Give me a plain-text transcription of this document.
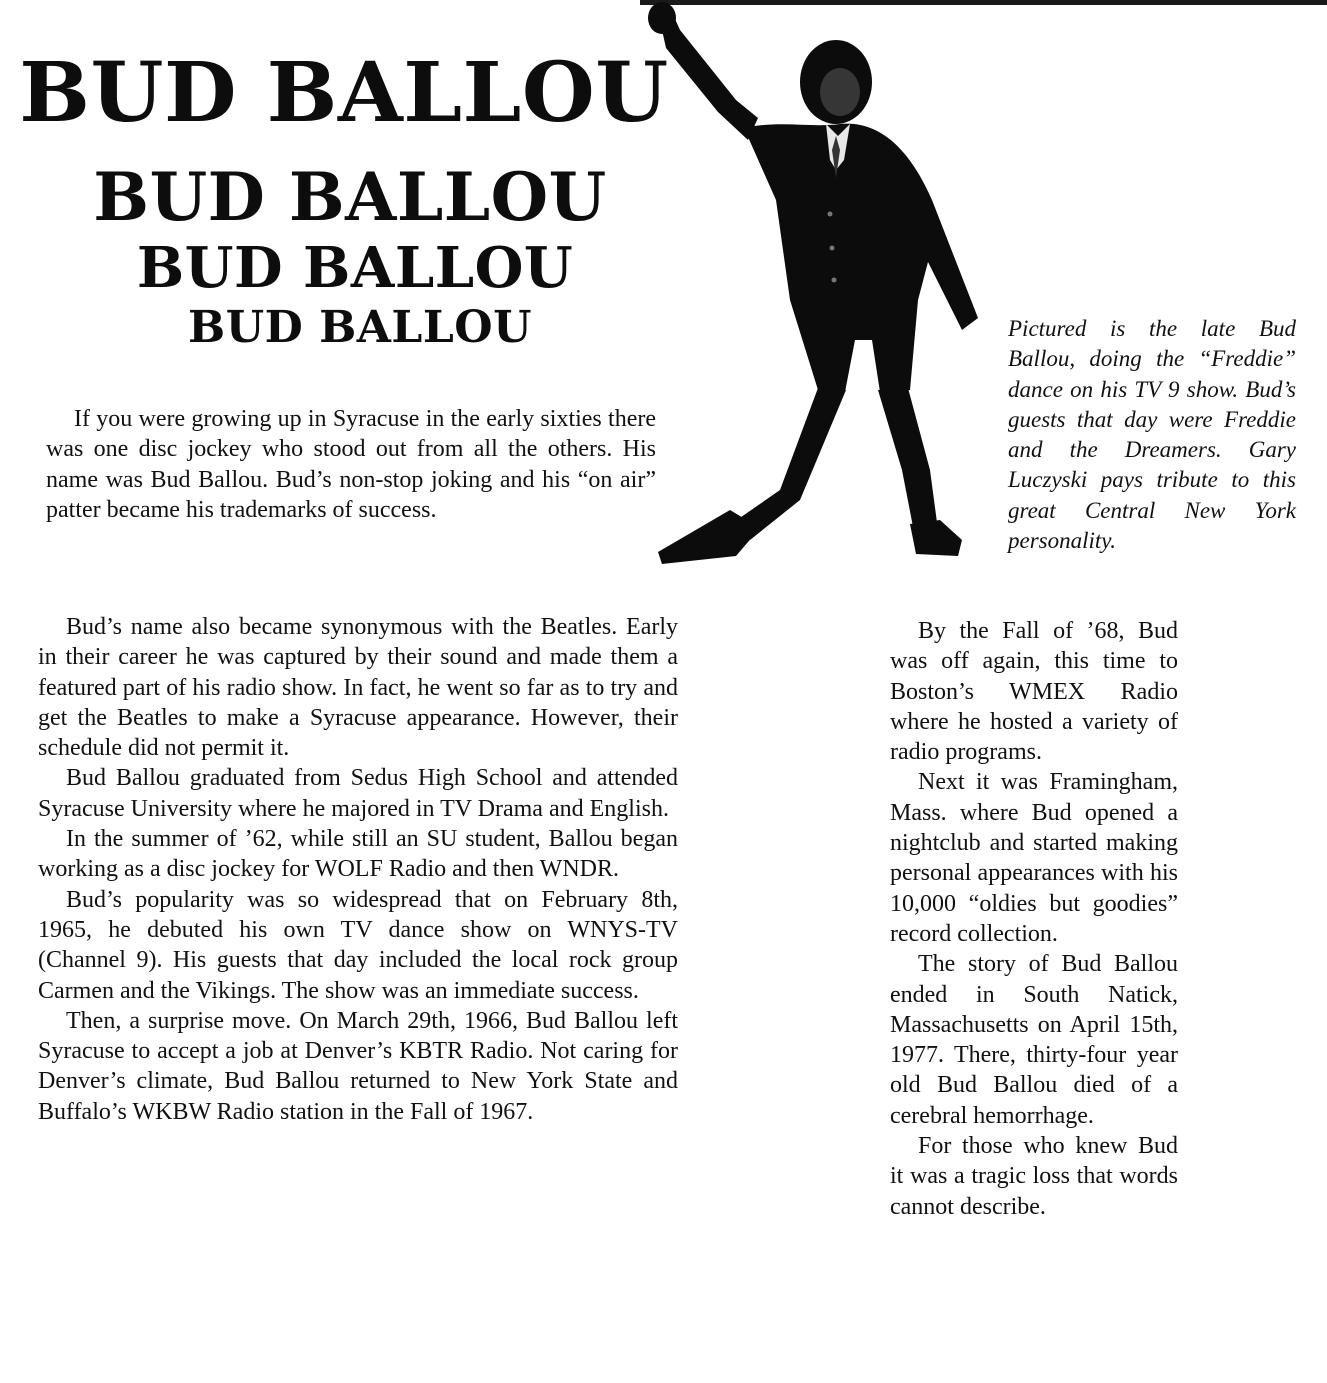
BUD BALLOU
BUD BALLOU
BUD BALLOU
BUD BALLOU	Pictured is the late Bud Ballou, doing the “Freddie” dance on his TV 9 show. Bud’s guests that day were Freddie and the Dreamers. Gary Luczyski pays tribute to this great Central New York personality.

If you were growing up in Syracuse in the early sixties there was one disc jockey who stood out from all the others. His name was Bud Ballou. Bud’s non-stop joking and his “on air” patter became his trademarks of success.

Bud’s name also became synonymous with the Beatles. Early in their career he was captured by their sound and made them a featured part of his radio show. In fact, he went so far as to try and get the Beatles to make a Syracuse appearance. However, their schedule did not permit it.

Bud Ballou graduated from Sedus High School and attended Syracuse University where he majored in TV Drama and English.

In the summer of ’62, while still an SU student, Ballou began working as a disc jockey for WOLF Radio and then WNDR.

Bud’s popularity was so widespread that on February 8th, 1965, he debuted his own TV dance show on WNYS-TV (Channel 9). His guests that day included the local rock group Carmen and the Vikings. The show was an immediate success.

Then, a surprise move. On March 29th, 1966, Bud Ballou left Syracuse to accept a job at Denver’s KBTR Radio. Not caring for Denver’s climate, Bud Ballou returned to New York State and Buffalo’s WKBW Radio station in the Fall of 1967.

By the Fall of ’68, Bud was off again, this time to Boston’s WMEX Radio where he hosted a variety of radio programs.

Next it was Framingham, Mass. where Bud opened a nightclub and started making personal appearances with his 10,000 “oldies but goodies” record collection.

The story of Bud Ballou ended in South Natick, Massachusetts on April 15th, 1977. There, thirty-four year old Bud Ballou died of a cerebral hemorrhage.

For those who knew Bud it was a tragic loss that words cannot describe.
